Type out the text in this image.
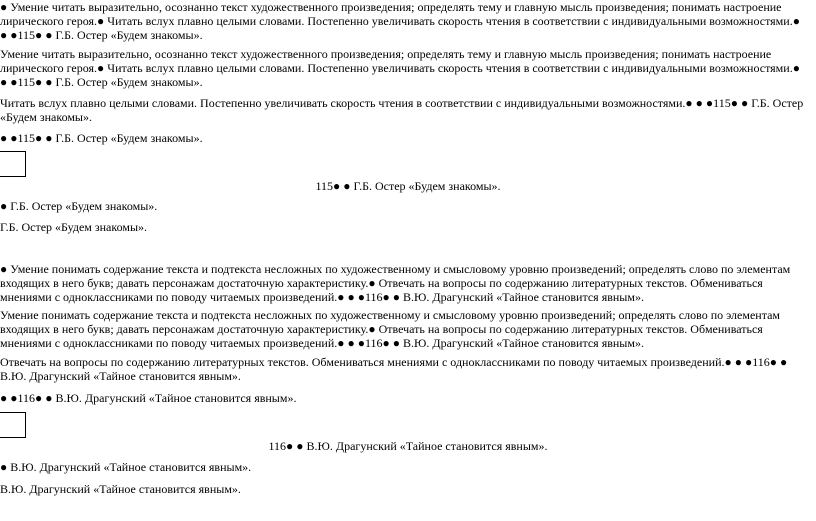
● Умение читать выразительно, осознанно текст художественного произведения; определять тему и главную мысль произведения; понимать настроение лирического героя.● Читать вслух плавно целыми словами. Постепенно увеличивать скорость чтения в соответствии с индивидуальными возможностями.● ● ●115● ● Г.Б. Остер «Будем знакомы».

Умение читать выразительно, осознанно текст художественного произведения; определять тему и главную мысль произведения; понимать настроение лирического героя.● Читать вслух плавно целыми словами. Постепенно увеличивать скорость чтения в соответствии с индивидуальными возможностями.● ● ●115● ● Г.Б. Остер «Будем знакомы».

Читать вслух плавно целыми словами. Постепенно увеличивать скорость чтения в соответствии с индивидуальными возможностями.● ● ●115● ● Г.Б. Остер «Будем знакомы».

● ●115● ● Г.Б. Остер «Будем знакомы».

115● ● Г.Б. Остер «Будем знакомы».

● Г.Б. Остер «Будем знакомы».

Г.Б. Остер «Будем знакомы».

● Умение понимать содержание текста и подтекста несложных по художественному и смысловому уровню произведений; определять слово по элементам входящих в него букв; давать персонажам достаточную характеристику.● Отвечать на вопросы по содержанию литературных текстов. Обмениваться мнениями с одноклассниками по поводу читаемых произведений.● ● ●116● ● В.Ю. Драгунский «Тайное становится явным».

Умение понимать содержание текста и подтекста несложных по художественному и смысловому уровню произведений; определять слово по элементам входящих в него букв; давать персонажам достаточную характеристику.● Отвечать на вопросы по содержанию литературных текстов. Обмениваться мнениями с одноклассниками по поводу читаемых произведений.● ● ●116● ● В.Ю. Драгунский «Тайное становится явным».

Отвечать на вопросы по содержанию литературных текстов. Обмениваться мнениями с одноклассниками по поводу читаемых произведений.● ● ●116● ● В.Ю. Драгунский «Тайное становится явным».

● ●116● ● В.Ю. Драгунский «Тайное становится явным».

116● ● В.Ю. Драгунский «Тайное становится явным».

● В.Ю. Драгунский «Тайное становится явным».

В.Ю. Драгунский «Тайное становится явным».
